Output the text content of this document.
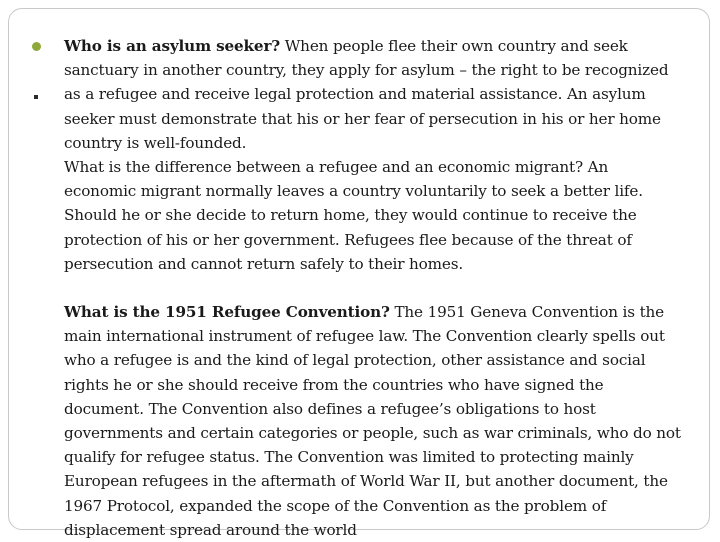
Who is an asylum seeker? When people flee their own country and seek sanctuary in another country, they apply for asylum – the right to be recognized as a refugee and receive legal protection and material assistance. An asylum seeker must demonstrate that his or her fear of persecution in his or her home country is well-founded.

What is the difference between a refugee and an economic migrant? An economic migrant normally leaves a country voluntarily to seek a better life. Should he or she decide to return home, they would continue to receive the protection of his or her government. Refugees flee because of the threat of persecution and cannot return safely to their homes.

What is the 1951 Refugee Convention? The 1951 Geneva Convention is the main international instrument of refugee law. The Convention clearly spells out who a refugee is and the kind of legal protection, other assistance and social rights he or she should receive from the countries who have signed the document. The Convention also defines a refugee’s obligations to host governments and certain categories or people, such as war criminals, who do not qualify for refugee status. The Convention was limited to protecting mainly European refugees in the aftermath of World War II, but another document, the 1967 Protocol, expanded the scope of the Convention as the problem of displacement spread around the world
